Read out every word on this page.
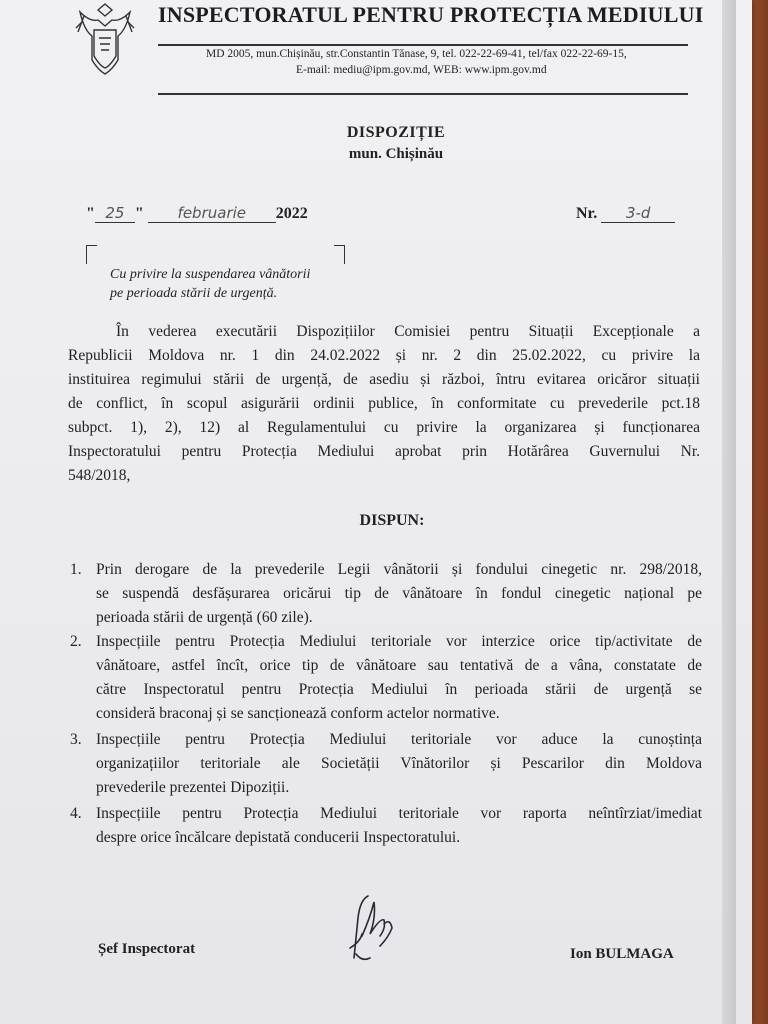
INSPECTORATUL PENTRU PROTECȚIA MEDIULUI
MD 2005, mun.Chișinău, str.Constantin Tănase, 9, tel. 022-22-69-41, tel/fax 022-22-69-15,
E-mail: mediu@ipm.gov.md, WEB: www.ipm.gov.md
DISPOZIȚIE
mun. Chișinău
" 25 " februarie 2022	Nr. 3-d
Cu privire la suspendarea vânătorii
pe perioada stării de urgență.
În vederea executării Dispozițiilor Comisiei pentru Situații Excepționale a
Republicii Moldova nr. 1 din 24.02.2022 și nr. 2 din 25.02.2022, cu privire la
instituirea regimului stării de urgență, de asediu și război, întru evitarea oricăror situații
de conflict, în scopul asigurării ordinii publice, în conformitate cu prevederile pct.18
subpct. 1), 2), 12) al Regulamentului cu privire la organizarea și funcționarea
Inspectoratului pentru Protecția Mediului aprobat prin Hotărârea Guvernului Nr.
548/2018,
DISPUN:
1. Prin derogare de la prevederile Legii vânătorii și fondului cinegetic nr. 298/2018,
se suspendă desfășurarea oricărui tip de vânătoare în fondul cinegetic național pe
perioada stării de urgență (60 zile).
2. Inspecțiile pentru Protecția Mediului teritoriale vor interzice orice tip/activitate de
vânătoare, astfel încît, orice tip de vânătoare sau tentativă de a vâna, constatate de
către Inspectoratul pentru Protecția Mediului în perioada stării de urgență se
consideră braconaj și se sancționează conform actelor normative.
3. Inspecțiile pentru Protecția Mediului teritoriale vor aduce la cunoștința
organizațiilor teritoriale ale Societății Vînătorilor și Pescarilor din Moldova
prevederile prezentei Dipoziții.
4. Inspecțiile pentru Protecția Mediului teritoriale vor raporta neîntîrziat/imediat
despre orice încălcare depistată conducerii Inspectoratului.
Șef Inspectorat	Ion BULMAGA
